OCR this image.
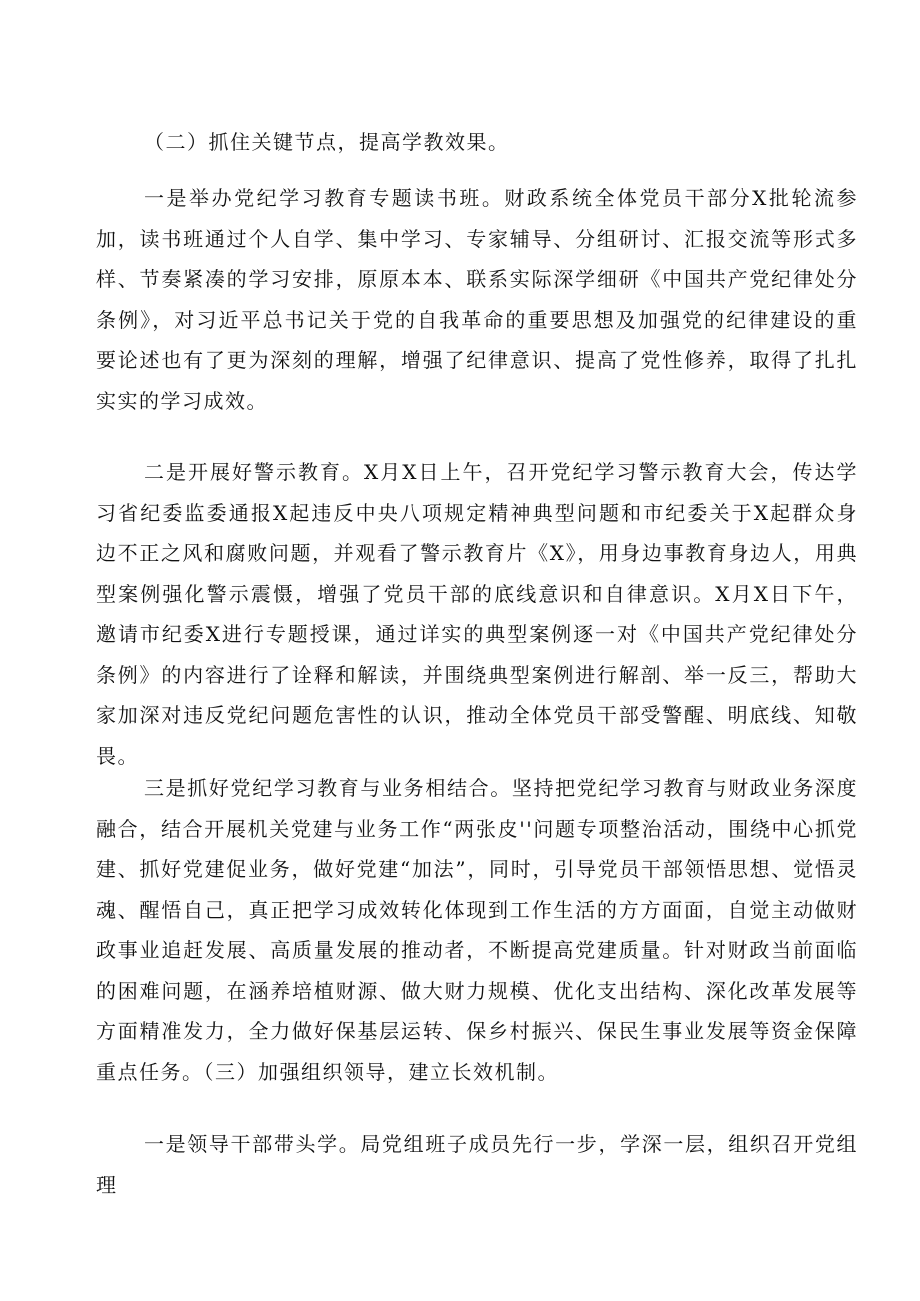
（二）抓住关键节点，提高学教效果。

一是举办党纪学习教育专题读书班。财政系统全体党员干部分X批轮流参加，读书班通过个人自学、集中学习、专家辅导、分组研讨、汇报交流等形式多样、节奏紧凑的学习安排，原原本本、联系实际深学细研《中国共产党纪律处分条例》，对习近平总书记关于党的自我革命的重要思想及加强党的纪律建设的重要论述也有了更为深刻的理解，增强了纪律意识、提高了党性修养，取得了扎扎实实的学习成效。

二是开展好警示教育。X月X日上午，召开党纪学习警示教育大会，传达学习省纪委监委通报X起违反中央八项规定精神典型问题和市纪委关于X起群众身边不正之风和腐败问题，并观看了警示教育片《X》，用身边事教育身边人，用典型案例强化警示震慑，增强了党员干部的底线意识和自律意识。X月X日下午，邀请市纪委X进行专题授课，通过详实的典型案例逐一对《中国共产党纪律处分条例》的内容进行了诠释和解读，并围绕典型案例进行解剖、举一反三，帮助大家加深对违反党纪问题危害性的认识，推动全体党员干部受警醒、明底线、知敬畏。

三是抓好党纪学习教育与业务相结合。坚持把党纪学习教育与财政业务深度融合，结合开展机关党建与业务工作“两张皮''问题专项整治活动，围绕中心抓党建、抓好党建促业务，做好党建“加法”，同时，引导党员干部领悟思想、觉悟灵魂、醒悟自己，真正把学习成效转化体现到工作生活的方方面面，自觉主动做财政事业追赶发展、高质量发展的推动者，不断提高党建质量。针对财政当前面临的困难问题，在涵养培植财源、做大财力规模、优化支出结构、深化改革发展等方面精准发力，全力做好保基层运转、保乡村振兴、保民生事业发展等资金保障重点任务。（三）加强组织领导，建立长效机制。

一是领导干部带头学。局党组班子成员先行一步，学深一层，组织召开党组理
